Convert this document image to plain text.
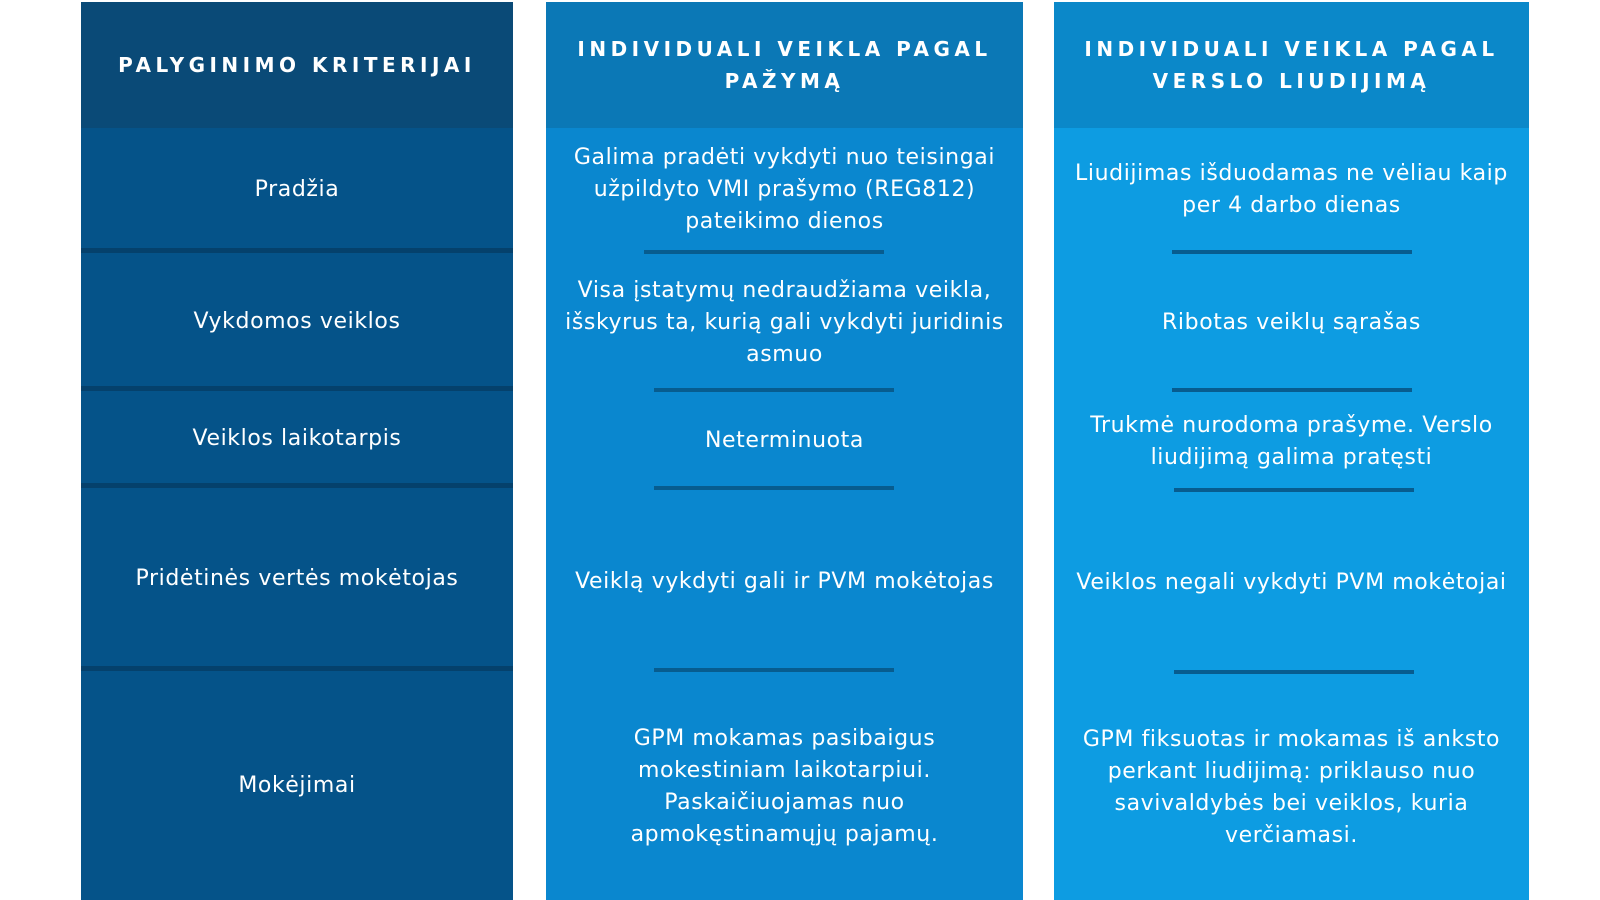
PALYGINIMO KRITERIJAI
Pradžia
Vykdomos veiklos
Veiklos laikotarpis
Pridėtinės vertės mokėtojas
Mokėjimai
INDIVIDUALI VEIKLA PAGAL PAŽYMĄ
Galima pradėti vykdyti nuo teisingai užpildyto VMI prašymo (REG812) pateikimo dienos
Visa įstatymų nedraudžiama veikla, išskyrus ta, kurią gali vykdyti juridinis asmuo
Neterminuota
Veiklą vykdyti gali ir PVM mokėtojas
GPM mokamas pasibaigus mokestiniam laikotarpiui. Paskaičiuojamas nuo apmokęstinamųjų pajamų.
INDIVIDUALI VEIKLA PAGAL VERSLO LIUDIJIMĄ
Liudijimas išduodamas ne vėliau kaip per 4 darbo dienas
Ribotas veiklų sąrašas
Trukmė nurodoma prašyme. Verslo liudijimą galima pratęsti
Veiklos negali vykdyti PVM mokėtojai
GPM fiksuotas ir mokamas iš anksto perkant liudijimą: priklauso nuo savivaldybės bei veiklos, kuria verčiamasi.
